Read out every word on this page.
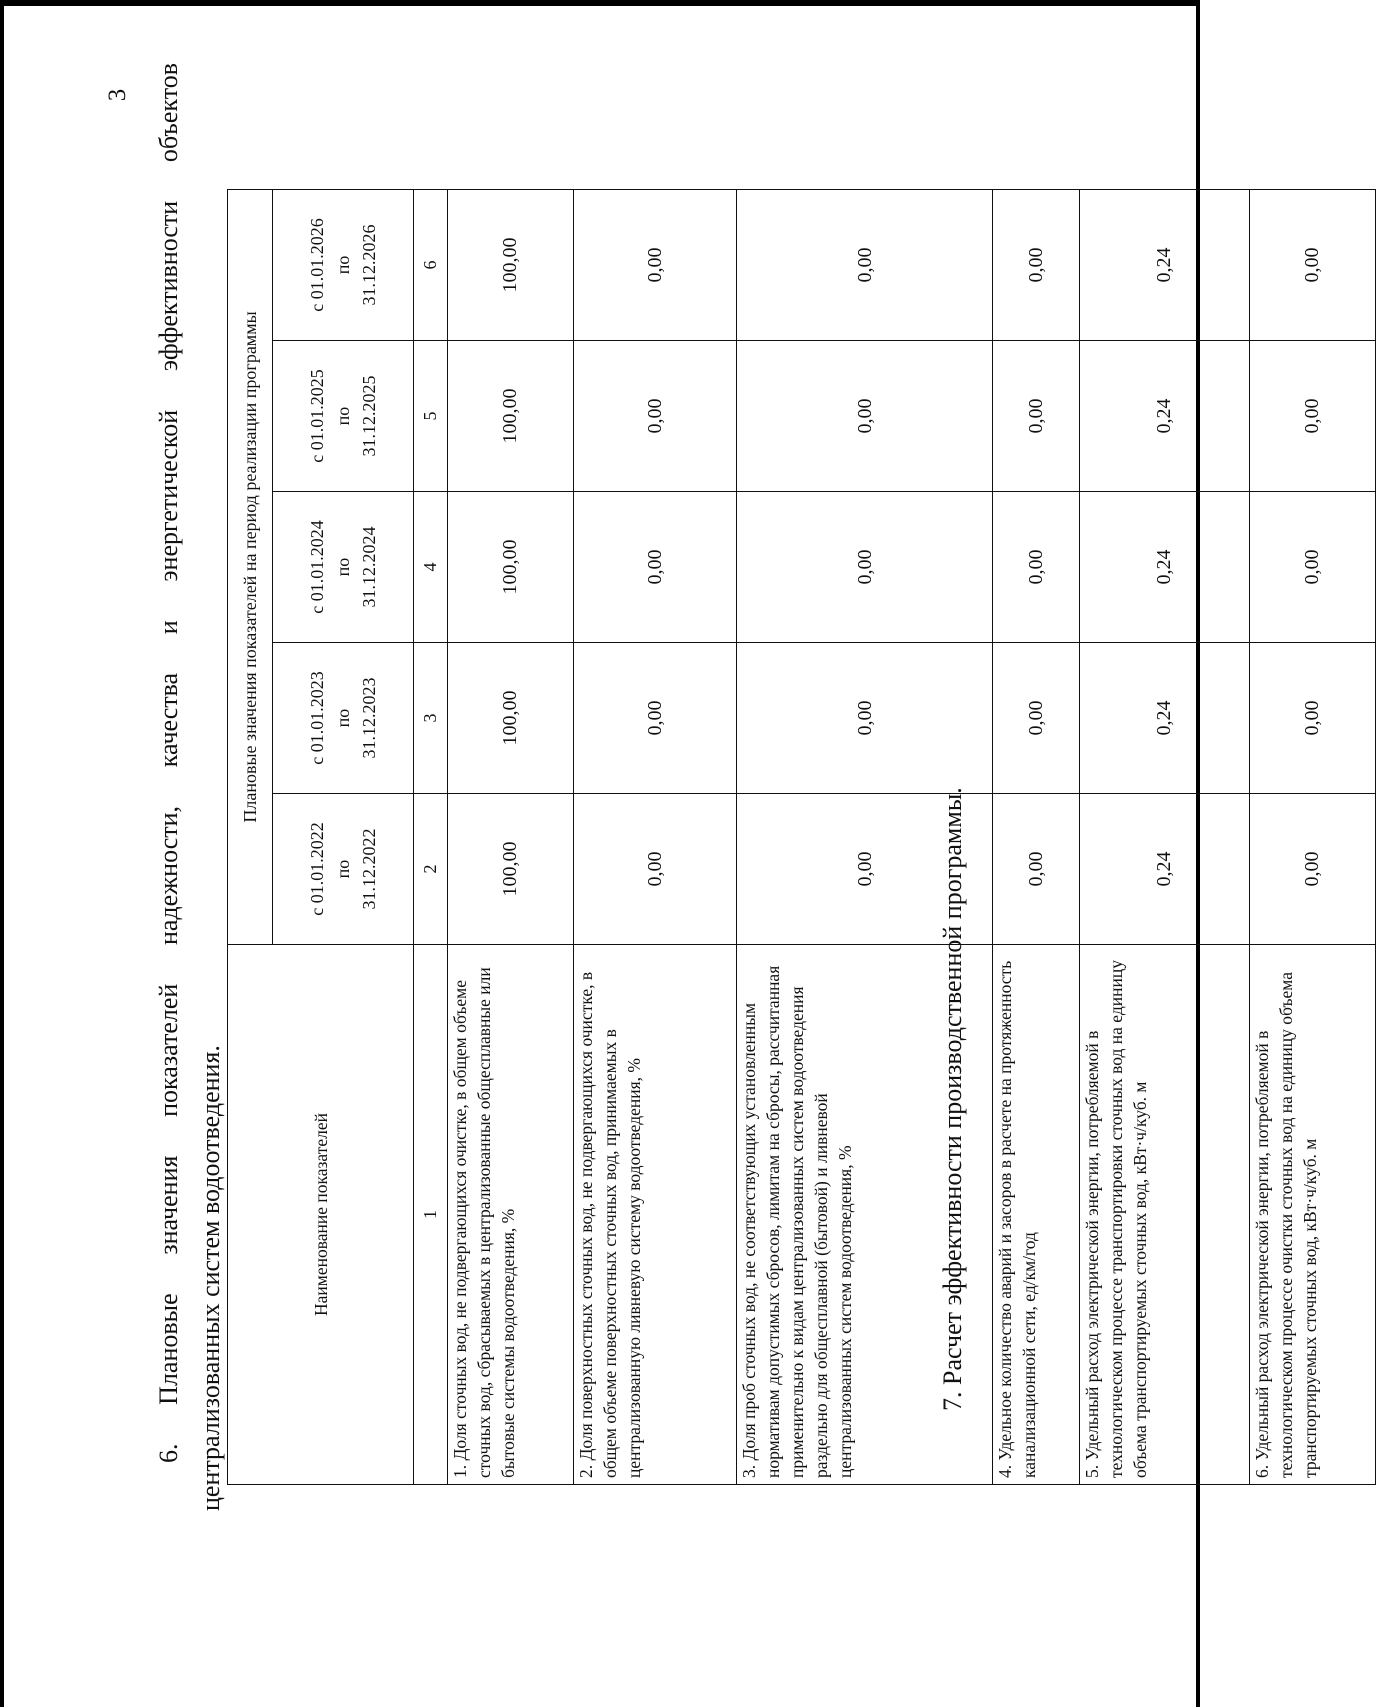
3 6. Плановые значения показателей надежности, качества и энергетической эффективности объектов централизованных систем водоотведения.	Наименование показателей	Плановые значения показателей на период реализации программы				

	с 01.01.2022 по 31.12.2022	с 01.01.2023 по 31.12.2023	с 01.01.2024 по 31.12.2024	с 01.01.2025 по 31.12.2025	с 01.01.2026 по 31.12.2026

1	2	3	4	5	6
1. Доля сточных вод, не подвергающихся очистке, в общем объеме сточных вод, сбрасываемых в централизованные общесплавные или бытовые системы водоотведения, %	100,00	100,00	100,00	100,00	100,00
2. Доля поверхностных сточных вод, не подвергающихся очистке, в общем объеме поверхностных сточных вод, принимаемых в централизованную ливневую систему водоотведения, %	0,00	0,00	0,00	0,00	0,00
3. Доля проб сточных вод, не соответствующих установленным нормативам допустимых сбросов, лимитам на сбросы, рассчитанная применительно к видам централизованных систем водоотведения раздельно для общесплавной (бытовой) и ливневой централизованных систем водоотведения, %	0,00	0,00	0,00	0,00	0,00
4. Удельное количество аварий и засоров в расчете на протяженность канализационной сети, ед/км/год	0,00	0,00	0,00	0,00	0,00
5. Удельный расход электрической энергии, потребляемой в технологическом процессе транспортировки сточных вод на единицу объема транспортируемых сточных вод, кВт·ч/куб. м	0,24	0,24	0,24	0,24	0,24
6. Удельный расход электрической энергии, потребляемой в технологическом процессе очистки сточных вод на единицу объема транспортируемых сточных вод, кВт·ч/куб. м	0,00	0,00	0,00	0,00	0,00
7. Расчет эффективности производственной программы.
